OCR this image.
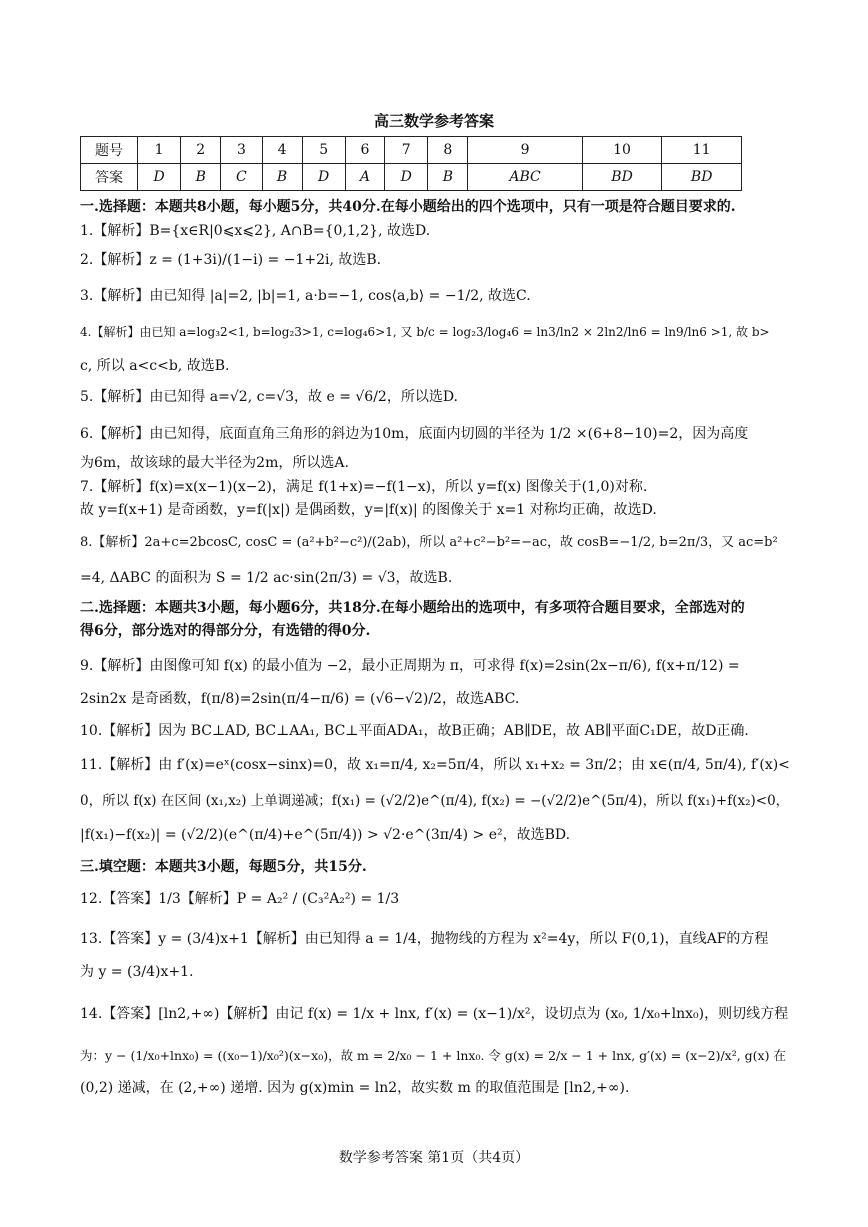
高三数学参考答案
题号	1	2	3	4	5	6	7	8	9	10	11
答案	D	B	C	B	D	A	D	B	ABC	BD	BD
一.选择题：本题共8小题，每小题5分，共40分.在每小题给出的四个选项中，只有一项是符合题目要求的.
1.【解析】B={x∈R|0⩽x⩽2}, A∩B={0,1,2}, 故选D.
2.【解析】z = (1+3i)/(1−i) = −1+2i, 故选B.
3.【解析】由已知得 |a|=2, |b|=1, a·b=−1, cos⟨a,b⟩ = −1/2, 故选C.
4.【解析】由已知 a=log₃2<1, b=log₂3>1, c=log₄6>1, 又 b/c = log₂3/log₄6 = ln3/ln2 × 2ln2/ln6 = ln9/ln6 >1, 故 b>
c, 所以 a<c<b, 故选B.
5.【解析】由已知得 a=√2, c=√3，故 e = √6/2，所以选D.
6.【解析】由已知得，底面直角三角形的斜边为10m，底面内切圆的半径为 1/2 ×(6+8−10)=2，因为高度
为6m，故该球的最大半径为2m，所以选A.
7.【解析】f(x)=x(x−1)(x−2)，满足 f(1+x)=−f(1−x)，所以 y=f(x) 图像关于(1,0)对称.
故 y=f(x+1) 是奇函数，y=f(|x|) 是偶函数，y=|f(x)| 的图像关于 x=1 对称均正确，故选D.
8.【解析】2a+c=2bcosC, cosC = (a²+b²−c²)/(2ab)，所以 a²+c²−b²=−ac，故 cosB=−1/2, b=2π/3，又 ac=b²
=4, ΔABC 的面积为 S = 1/2 ac·sin(2π/3) = √3，故选B.
二.选择题：本题共3小题，每小题6分，共18分.在每小题给出的选项中，有多项符合题目要求，全部选对的
得6分，部分选对的得部分分，有选错的得0分.
9.【解析】由图像可知 f(x) 的最小值为 −2，最小正周期为 π，可求得 f(x)=2sin(2x−π/6), f(x+π/12) =
2sin2x 是奇函数，f(π/8)=2sin(π/4−π/6) = (√6−√2)/2，故选ABC.
10.【解析】因为 BC⊥AD, BC⊥AA₁, BC⊥平面ADA₁，故B正确；AB∥DE，故 AB∥平面C₁DE，故D正确.
11.【解析】由 f′(x)=eˣ(cosx−sinx)=0，故 x₁=π/4, x₂=5π/4，所以 x₁+x₂ = 3π/2；由 x∈(π/4, 5π/4), f′(x)<
0，所以 f(x) 在区间 (x₁,x₂) 上单调递减；f(x₁) = (√2/2)e^(π/4), f(x₂) = −(√2/2)e^(5π/4)，所以 f(x₁)+f(x₂)<0，
|f(x₁)−f(x₂)| = (√2/2)(e^(π/4)+e^(5π/4)) > √2·e^(3π/4) > e²，故选BD.
三.填空题：本题共3小题，每题5分，共15分.
12.【答案】1/3【解析】P = A₂² / (C₃²A₂²) = 1/3
13.【答案】y = (3/4)x+1【解析】由已知得 a = 1/4，抛物线的方程为 x²=4y，所以 F(0,1)，直线AF的方程
为 y = (3/4)x+1.
14.【答案】[ln2,+∞)【解析】由记 f(x) = 1/x + lnx, f′(x) = (x−1)/x²，设切点为 (x₀, 1/x₀+lnx₀)，则切线方程
为：y − (1/x₀+lnx₀) = ((x₀−1)/x₀²)(x−x₀)，故 m = 2/x₀ − 1 + lnx₀. 令 g(x) = 2/x − 1 + lnx, g′(x) = (x−2)/x², g(x) 在
(0,2) 递减，在 (2,+∞) 递增. 因为 g(x)min = ln2，故实数 m 的取值范围是 [ln2,+∞).
数学参考答案 第1页（共4页）
